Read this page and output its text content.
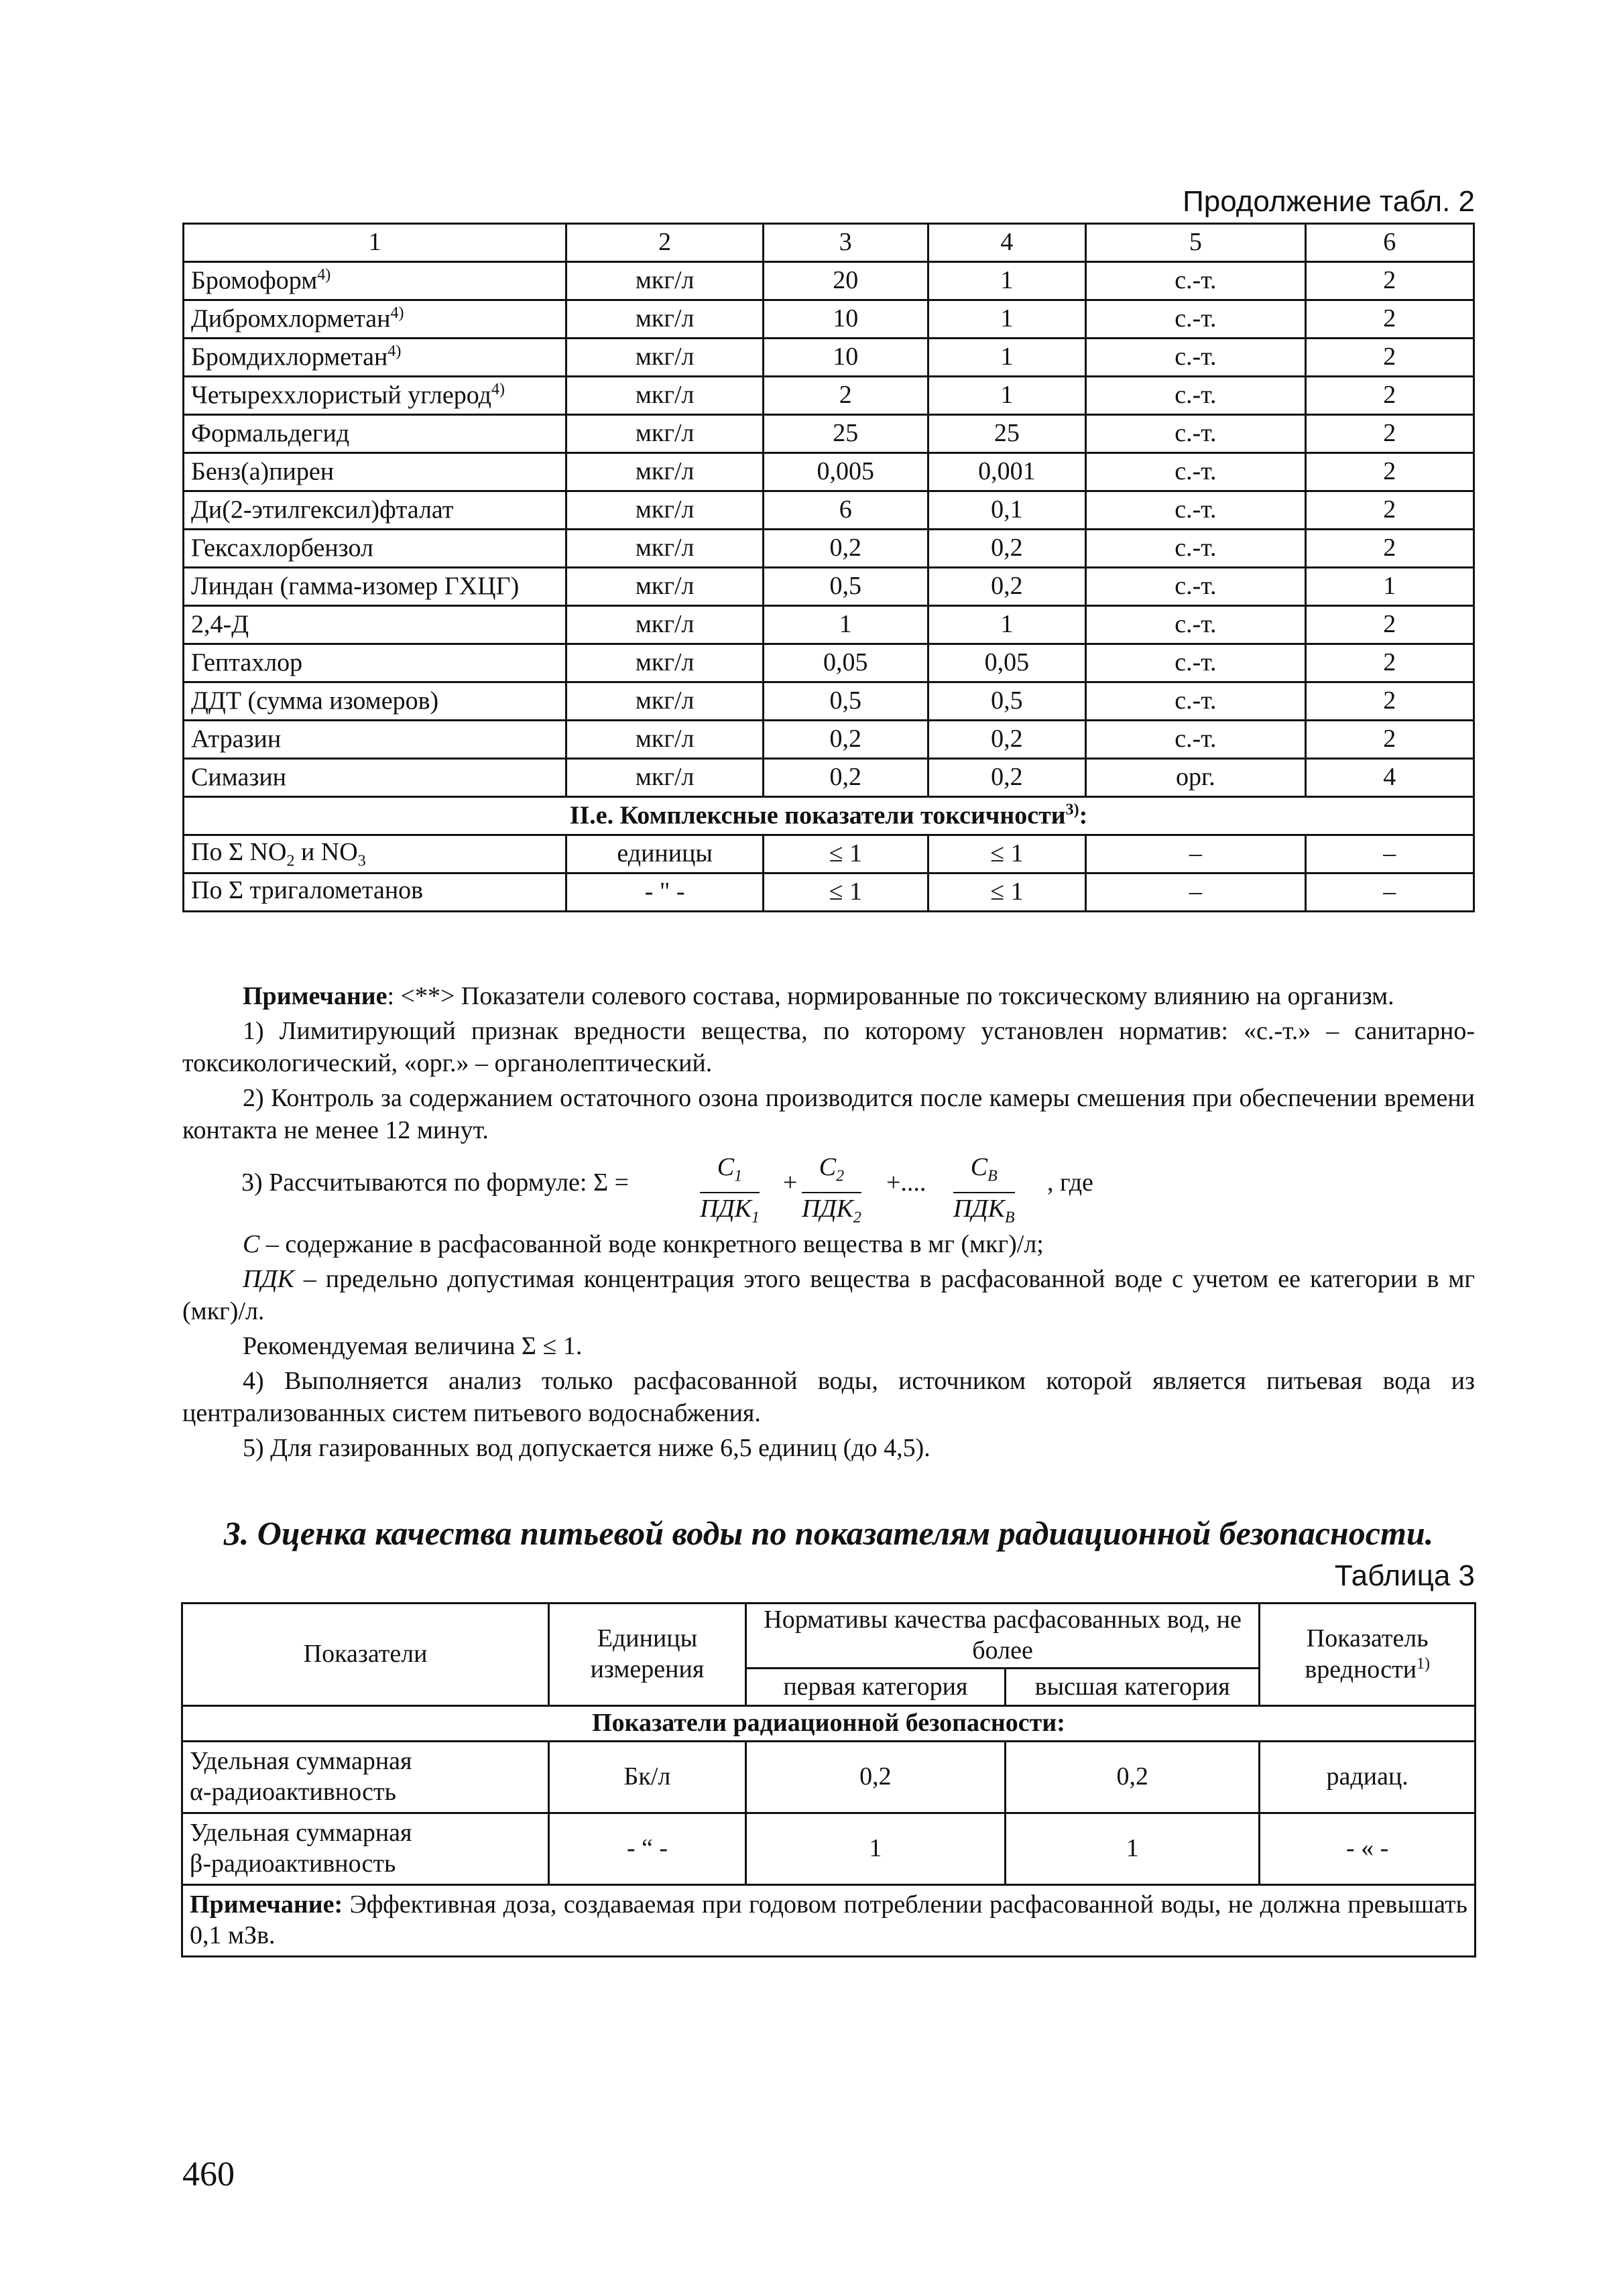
Продолжение табл. 2
1	2	3	4	5	6
Бромоформ$^{4)}$	мкг/л	20	1	с.-т.	2
Дибромхлорметан$^{4)}$	мкг/л	10	1	с.-т.	2
Бромдихлорметан$^{4)}$	мкг/л	10	1	с.-т.	2
Четыреххлористый углерод$^{4)}$	мкг/л	2	1	с.-т.	2
Формальдегид	мкг/л	25	25	с.-т.	2
Бенз(а)пирен	мкг/л	0,005	0,001	с.-т.	2
Ди(2-этилгексил)фталат	мкг/л	6	0,1	с.-т.	2
Гексахлорбензол	мкг/л	0,2	0,2	с.-т.	2
Линдан (гамма-изомер ГХЦГ)	мкг/л	0,5	0,2	с.-т.	1
2,4-Д	мкг/л	1	1	с.-т.	2
Гептахлор	мкг/л	0,05	0,05	с.-т.	2
ДДТ (сумма изомеров)	мкг/л	0,5	0,5	с.-т.	2
Атразин	мкг/л	0,2	0,2	с.-т.	2
Симазин	мкг/л	0,2	0,2	орг.	4
II.е. Комплексные показатели токсичности$^{3)}$:					
По Σ $NO_2$ и $NO_3$	единицы	≤ 1	≤ 1	–	–
По Σ тригалометанов	- " -	≤ 1	≤ 1	–	–

Примечание: <**> Показатели солевого состава, нормированные по токсическому влиянию на организм.

1) Лимитирующий признак вредности вещества, по которому установлен норматив: «с.-т.» – санитарно-токсикологический, «орг.» – органолептический.

2) Контроль за содержанием остаточного озона производится после камеры смешения при обеспечении времени контакта не менее 12 минут.

3) Рассчитываются по формуле: Σ =
$C_1$
$ПДК_1$
+
$C_2$
$ПДК_2$
+....
$C_B$
$ПДК_B$
, где

С – содержание в расфасованной воде конкретного вещества в мг (мкг)/л;

ПДК – предельно допустимая концентрация этого вещества в расфасованной воде с учетом ее категории в мг (мкг)/л.

Рекомендуемая величина Σ ≤ 1.

4) Выполняется анализ только расфасованной воды, источником которой является питьевая вода из централизованных систем питьевого водоснабжения.

5) Для газированных вод допускается ниже 6,5 единиц (до 4,5).

3. Оценка качества питьевой воды по показателям радиационной безопасности.
Таблица 3
Показатели	Единицы измерения	Нормативы качества расфасованных вод, не более		Показатель вредности$^{1)}$
		первая категория	высшая категория	
Показатели радиационной безопасности:				
Удельная суммарная
α-радиоактивность	Бк/л	0,2	0,2	радиац.
Удельная суммарная
β-радиоактивность	- “ -	1	1	- « -
Примечание: Эффективная доза, создаваемая при годовом потреблении расфасованной воды, не должна превышать 0,1 мЗв.				
460
